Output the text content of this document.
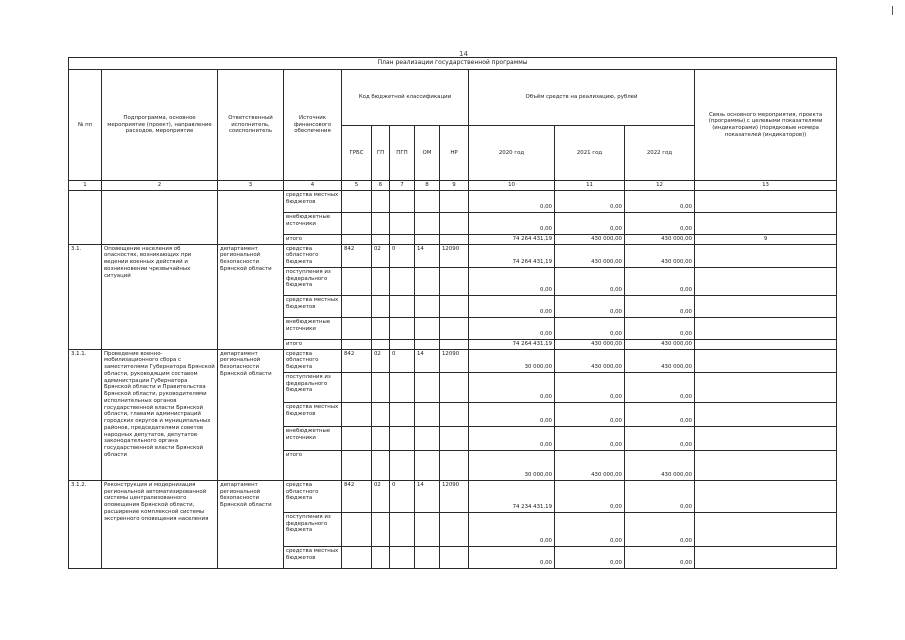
14
План реализации государственной программы												
№ пп	Подпрограмма, основное мероприятие (проект), направление расходов, мероприятие	Ответственный исполнитель, соисполнитель	Источник финансового обеспечения	Код бюджетной классификации					Объём средств на реализацию, рублей			Связь основного мероприятия, проекта (программы) с целевыми показателями (индикаторами) (порядковые номера показателей (индикаторов))
				ГРБС	ГП	ПГП	ОМ	НР	2020 год	2021 год	2022 год	
1	2	3	4	5	6	7	8	9	10	11	12	13
			средства местных бюджетов						0,00	0,00	0,00	
			внебюджетные источники						0,00	0,00	0,00	
			итого						74 264 431,19	430 000,00	430 000,00	9
3.1.	Оповещение населения об опасностях, возникающих при ведении военных действий и возникновении чрезвычайных ситуаций	департамент региональной безопасности Брянской области	средства областного бюджета	842	02	0	14	12090	74 264 431,19	430 000,00	430 000,00	
			поступления из федерального бюджета						0,00	0,00	0,00	
			средства местных бюджетов						0,00	0,00	0,00	
			внебюджетные источники						0,00	0,00	0,00	
			итого						74 264 431,19	430 000,00	430 000,00	
3.1.1.	Проведение военно-мобилизационного сбора с заместителями Губернатора Брянской области, руководящим составом администрации Губернатора Брянской области и Правительства Брянской области, руководителями исполнительных органов государственной власти Брянской области, главами администраций городских округов и муниципальных районов, председателями советов народных депутатов, депутатов законодательного органа государственной власти Брянской области	департамент региональной безопасности Брянской области	средства областного бюджета	842	02	0	14	12090	30 000,00	430 000,00	430 000,00	
			поступления из федерального бюджета						0,00	0,00	0,00	
			средства местных бюджетов						0,00	0,00	0,00	
			внебюджетные источники						0,00	0,00	0,00	
			итого						30 000,00	430 000,00	430 000,00	
3.1.2.	Реконструкция и модернизация региональной автоматизированной системы централизованного оповещения Брянской области, расширение комплексной системы экстренного оповещения населения	департамент региональной безопасности Брянской области	средства областного бюджета	842	02	0	14	12090	74 234 431,19	0,00	0,00	
			поступления из федерального бюджета						0,00	0,00	0,00	
			средства местных бюджетов						0,00	0,00	0,00	
